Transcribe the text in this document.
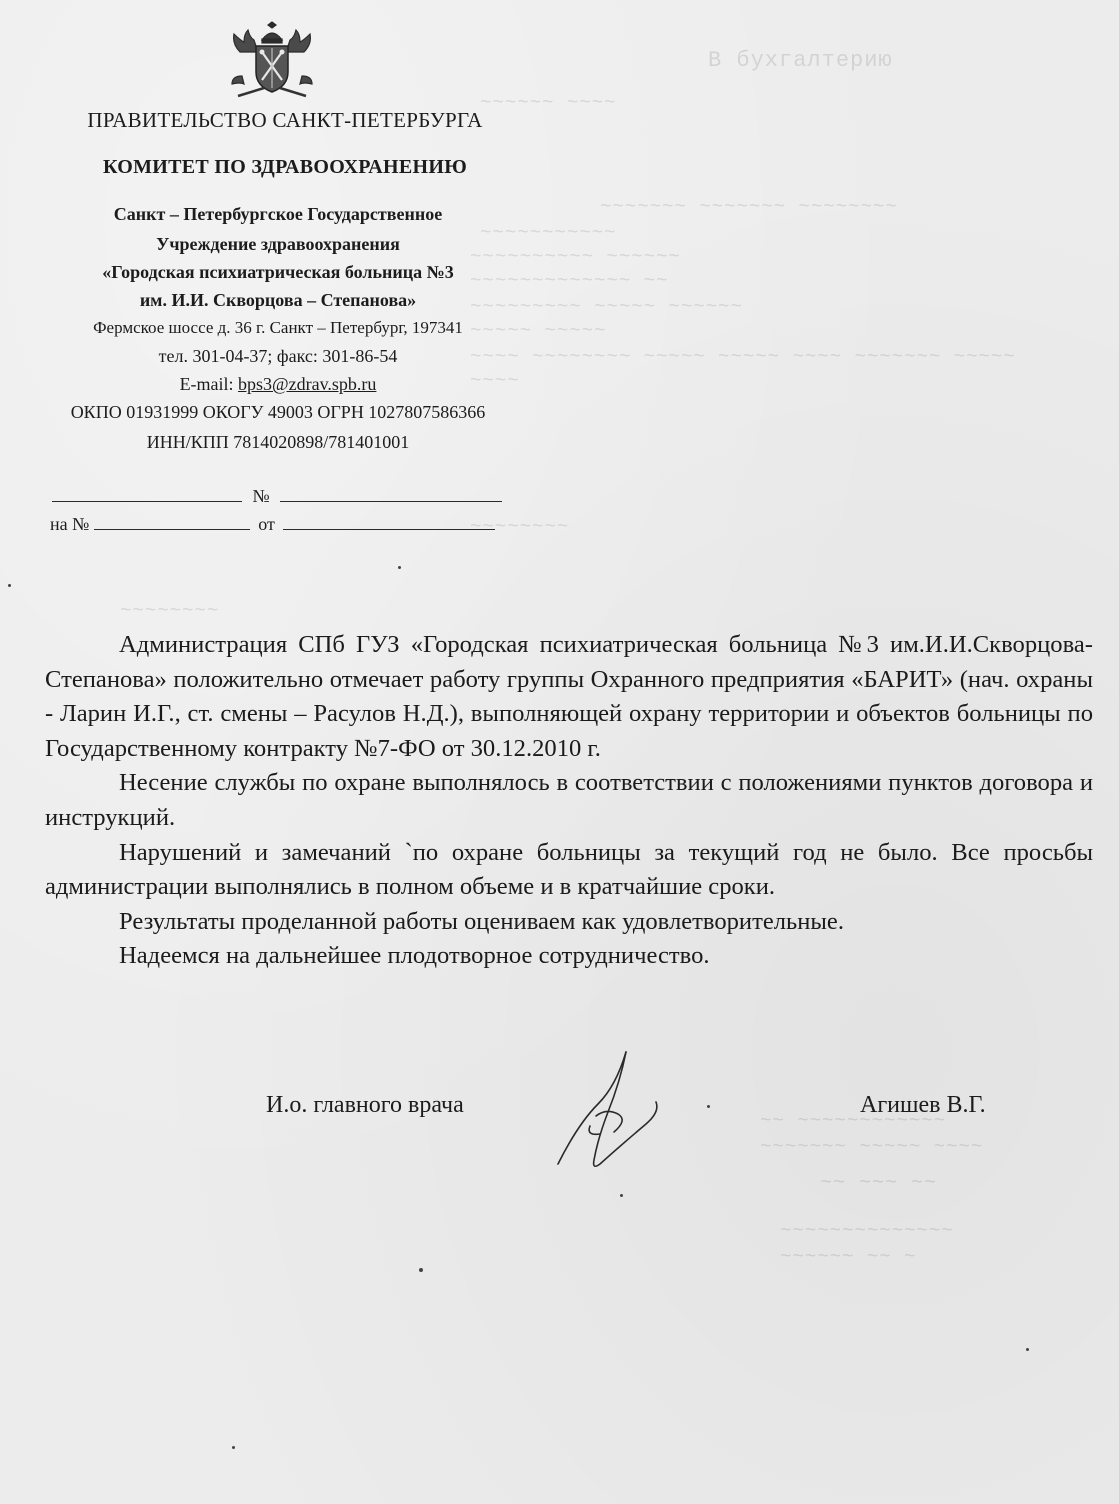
В бухгалтерию
~~~~~~ ~~~~
~~~~~~~ ~~~~~~~ ~~~~~~~~
~~~~~~~~~~~
~~~~~~~~~~ ~~~~~~
~~~~~~~~~~~~~ ~~
~~~~~~~~~ ~~~~~ ~~~~~~
~~~~~ ~~~~~
~~~~ ~~~~~~~~ ~~~~~ ~~~~~ ~~~~ ~~~~~~~ ~~~~~
~~~~
~~~~~~~~
~~~~~~~~
~~ ~~~~~~~~~~~~
~~~~~~~ ~~~~~ ~~~~
~~ ~~~ ~~
~~~~~~~~~~~~~~
~~~~~~ ~~ ~
ПРАВИТЕЛЬСТВО САНКТ-ПЕТЕРБУРГА
КОМИТЕТ ПО ЗДРАВООХРАНЕНИЮ
Санкт – Петербургское Государственное
Учреждение здравоохранения
«Городская психиатрическая больница №3
им. И.И. Скворцова – Степанова»
Фермское шоссе д. 36 г. Санкт – Петербург, 197341
тел. 301-04-37; факс: 301-86-54
E-mail: bps3@zdrav.spb.ru
ОКПО 01931999 ОКОГУ 49003 ОГРН 1027807586366
ИНН/КПП 7814020898/781401001
№
на №	от

Администрация СПб ГУЗ «Городская психиатрическая больница №3 им.И.И.Скворцова-Степанова» положительно отмечает работу группы Охранного предприятия «БАРИТ» (нач. охраны - Ларин И.Г., ст. смены – Расулов Н.Д.), выполняющей охрану территории и объектов больницы по Государственному контракту №7-ФО от 30.12.2010 г.

Несение службы по охране выполнялось в соответствии с положениями пунктов договора и инструкций.

Нарушений и замечаний `по охране больницы за текущий год не было. Все просьбы администрации выполнялись в полном объеме и в кратчайшие сроки.

Результаты проделанной работы оцениваем как удовлетворительные.

Надеемся на дальнейшее плодотворное сотрудничество.

И.о. главного врача	Агишев В.Г.
